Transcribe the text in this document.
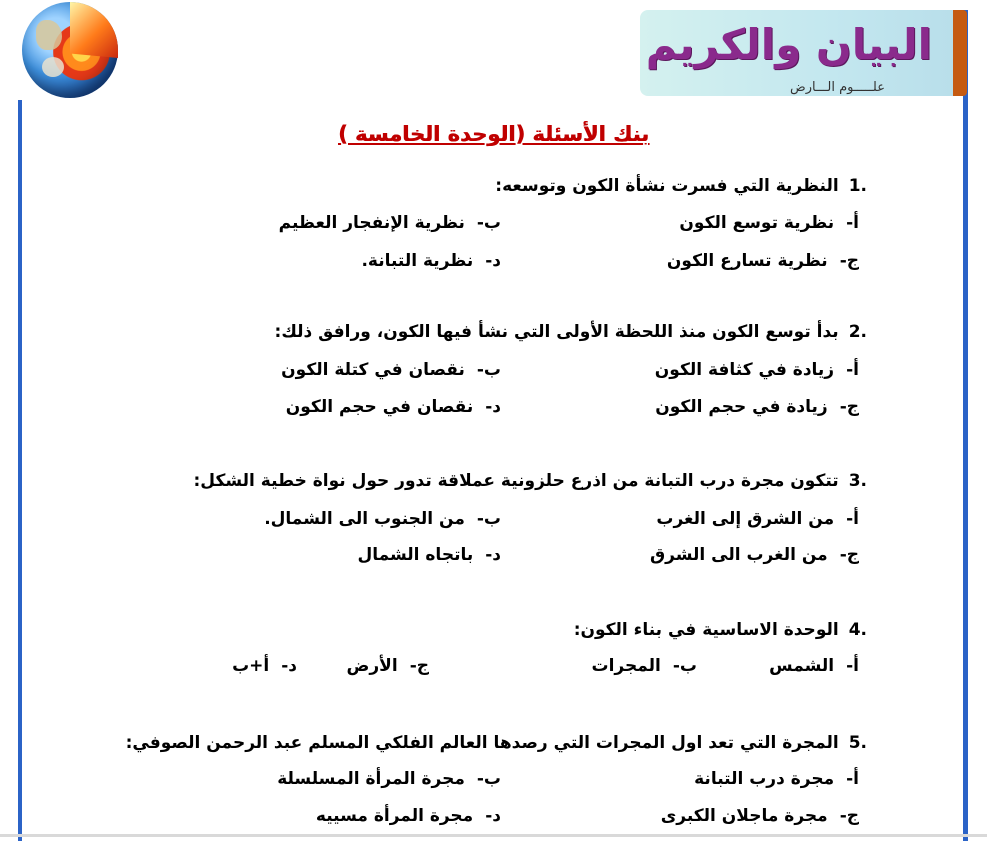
البيان والكريم
علـــــوم الـــارض
بنك الأسئلة (الوحدة الخامسة )
.1النظرية التي فسرت نشأة الكون وتوسعه:
أ-نظرية توسع الكون
ب-نظرية الإنفجار العظيم
ج-نظرية تسارع الكون
د-نظرية التبانة.
.2بدأ توسع الكون منذ اللحظة الأولى التي نشأ فيها الكون، ورافق ذلك:
أ-زيادة في كثافة الكون
ب-نقصان في كتلة الكون
ج-زيادة في حجم الكون
د-نقصان في حجم الكون
.3تتكون مجرة درب التبانة من اذرع حلزونية عملاقة تدور حول نواة خطية الشكل:
أ-من الشرق إلى الغرب
ب-من الجنوب الى الشمال.
ج-من الغرب الى الشرق
د-باتجاه الشمال
.4الوحدة الاساسية في بناء الكون:
أ-الشمس
ب-المجرات
ج-الأرض
د-أ+ب
.5المجرة التي تعد اول المجرات التي رصدها العالم الفلكي المسلم عبد الرحمن الصوفي:
أ-مجرة درب التبانة
ب-مجرة المرأة المسلسلة
ج-مجرة ماجلان الكبرى
د-مجرة المرأة مسييه
